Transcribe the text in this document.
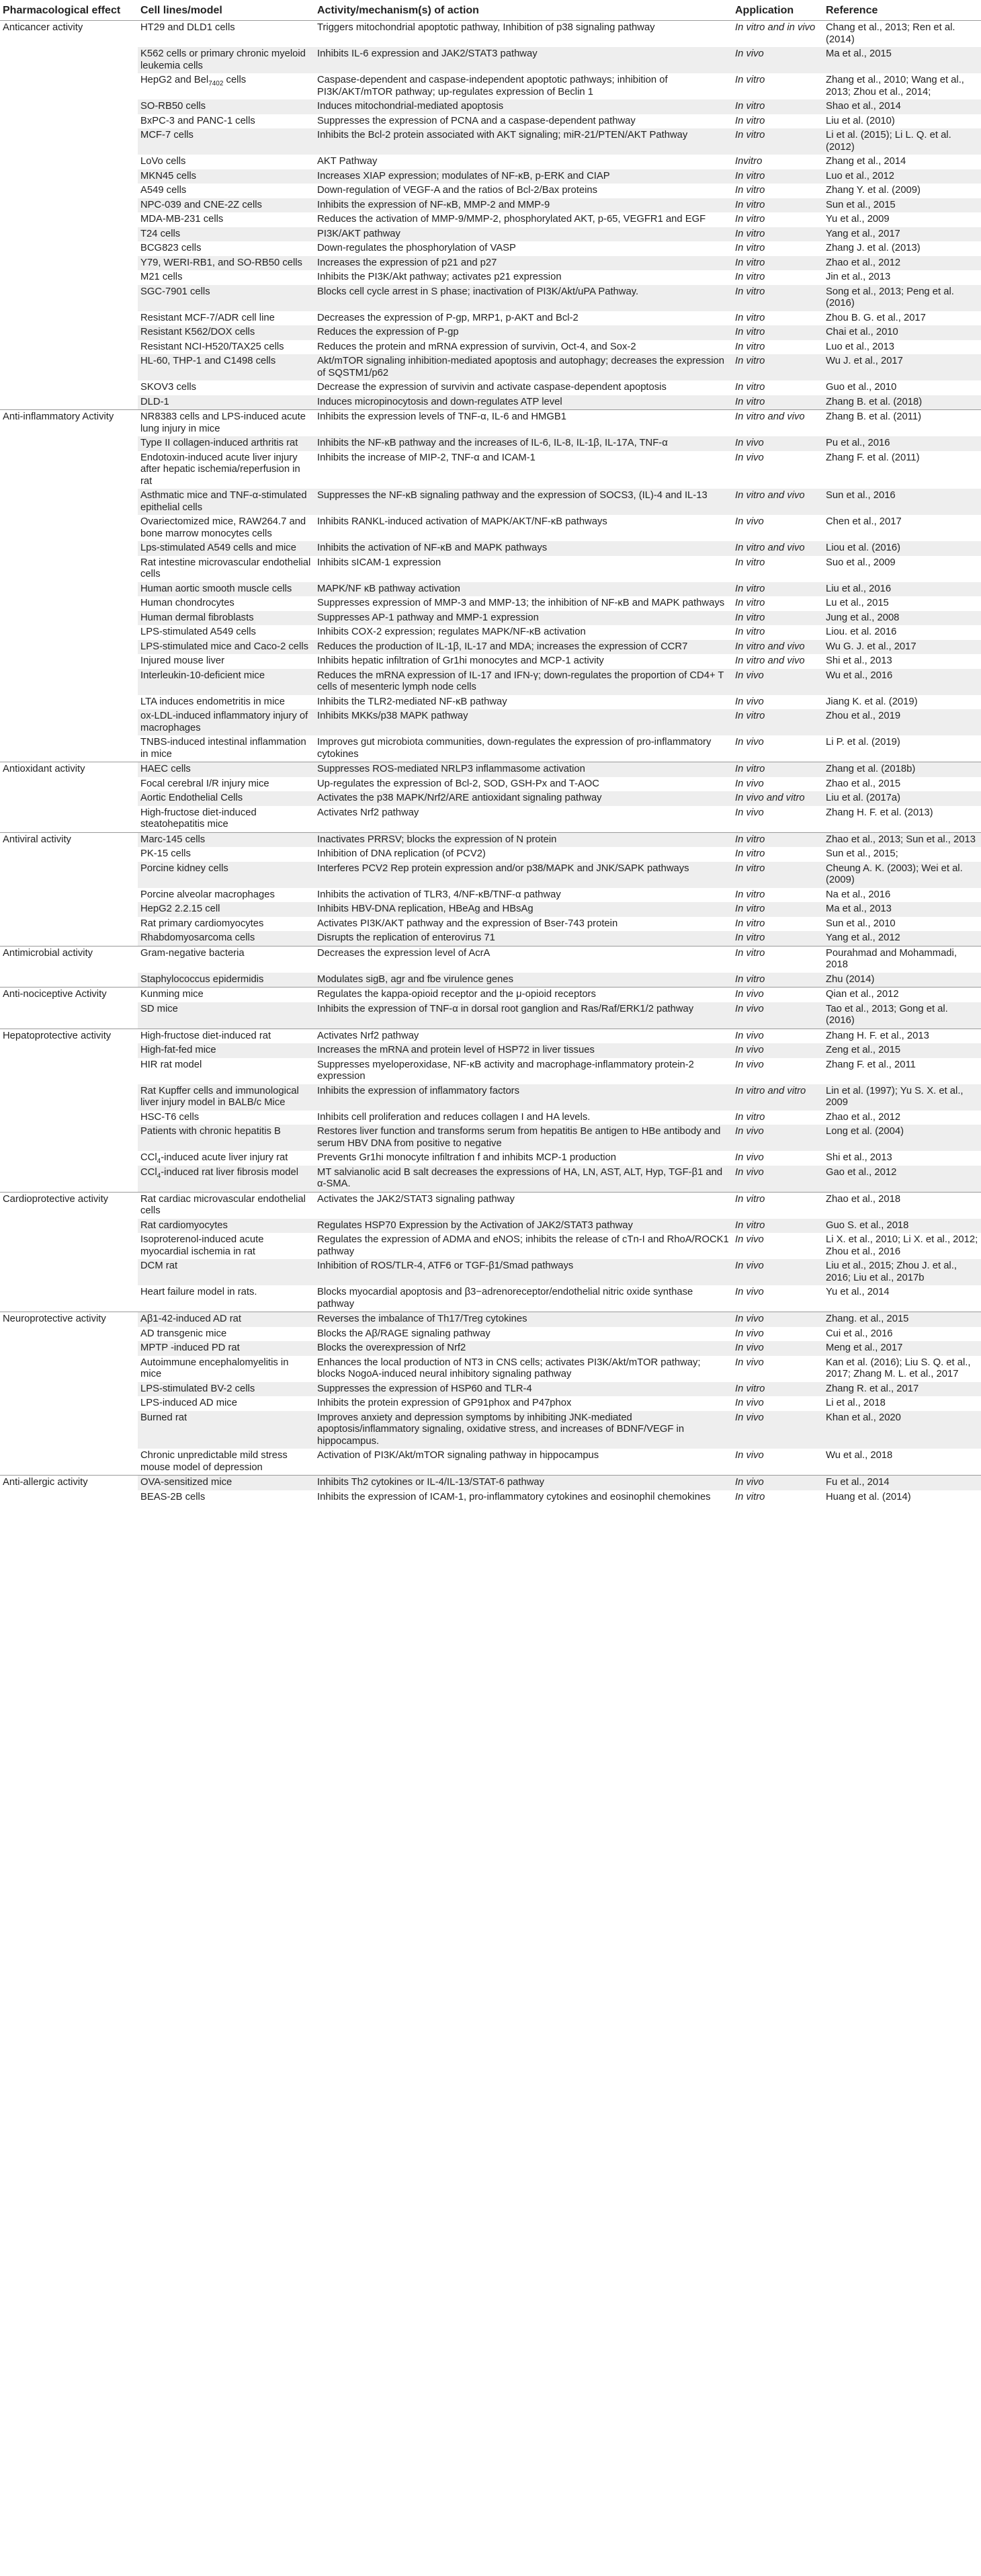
Pharmacological effect	Cell lines/model	Activity/mechanism(s) of action	Application	Reference
Anticancer activity	HT29 and DLD1 cells	Triggers mitochondrial apoptotic pathway, Inhibition of p38 signaling pathway	In vitro and in vivo	Chang et al., 2013; Ren et al. (2014)
	K562 cells or primary chronic myeloid leukemia cells	Inhibits IL-6 expression and JAK2/STAT3 pathway	In vivo	Ma et al., 2015
	HepG2 and Bel$_{7402}$ cells	Caspase-dependent and caspase-independent apoptotic pathways; inhibition of PI3K/AKT/mTOR pathway; up-regulates expression of Beclin 1	In vitro	Zhang et al., 2010; Wang et al., 2013; Zhou et al., 2014;
	SO-RB50 cells	Induces mitochondrial-mediated apoptosis	In vitro	Shao et al., 2014
	BxPC-3 and PANC-1 cells	Suppresses the expression of PCNA and a caspase-dependent pathway	In vitro	Liu et al. (2010)
	MCF-7 cells	Inhibits the Bcl-2 protein associated with AKT signaling; miR-21/PTEN/AKT Pathway	In vitro	Li et al. (2015); Li L. Q. et al. (2012)
	LoVo cells	AKT Pathway	Invitro	Zhang et al., 2014
	MKN45 cells	Increases XIAP expression; modulates of NF-κB, p-ERK and CIAP	In vitro	Luo et al., 2012
	A549 cells	Down-regulation of VEGF-A and the ratios of Bcl-2/Bax proteins	In vitro	Zhang Y. et al. (2009)
	NPC-039 and CNE-2Z cells	Inhibits the expression of NF-κB, MMP-2 and MMP-9	In vitro	Sun et al., 2015
	MDA-MB-231 cells	Reduces the activation of MMP-9/MMP-2, phosphorylated AKT, p-65, VEGFR1 and EGF	In vitro	Yu et al., 2009
	T24 cells	PI3K/AKT pathway	In vitro	Yang et al., 2017
	BCG823 cells	Down-regulates the phosphorylation of VASP	In vitro	Zhang J. et al. (2013)
	Y79, WERI-RB1, and SO-RB50 cells	Increases the expression of p21 and p27	In vitro	Zhao et al., 2012
	M21 cells	Inhibits the PI3K/Akt pathway; activates p21 expression	In vitro	Jin et al., 2013
	SGC-7901 cells	Blocks cell cycle arrest in S phase; inactivation of PI3K/Akt/uPA Pathway.	In vitro	Song et al., 2013; Peng et al. (2016)
	Resistant MCF-7/ADR cell line	Decreases the expression of P-gp, MRP1, p-AKT and Bcl-2	In vitro	Zhou B. G. et al., 2017
	Resistant K562/DOX cells	Reduces the expression of P-gp	In vitro	Chai et al., 2010
	Resistant NCI-H520/TAX25 cells	Reduces the protein and mRNA expression of survivin, Oct-4, and Sox-2	In vitro	Luo et al., 2013
	HL-60, THP-1 and C1498 cells	Akt/mTOR signaling inhibition-mediated apoptosis and autophagy; decreases the expression of SQSTM1/p62	In vitro	Wu J. et al., 2017
	SKOV3 cells	Decrease the expression of survivin and activate caspase-dependent apoptosis	In vitro	Guo et al., 2010
	DLD-1	Induces micropinocytosis and down-regulates ATP level	In vitro	Zhang B. et al. (2018)
Anti-inflammatory Activity	NR8383 cells and LPS-induced acute lung injury in mice	Inhibits the expression levels of TNF-α, IL-6 and HMGB1	In vitro and vivo	Zhang B. et al. (2011)
	Type II collagen-induced arthritis rat	Inhibits the NF-κB pathway and the increases of IL-6, IL-8, IL-1β, IL-17A, TNF-α	In vivo	Pu et al., 2016
	Endotoxin-induced acute liver injury after hepatic ischemia/reperfusion in rat	Inhibits the increase of MIP-2, TNF-α and ICAM-1	In vivo	Zhang F. et al. (2011)
	Asthmatic mice and TNF-α-stimulated epithelial cells	Suppresses the NF-κB signaling pathway and the expression of SOCS3, (IL)-4 and IL-13	In vitro and vivo	Sun et al., 2016
	Ovariectomized mice, RAW264.7 and bone marrow monocytes cells	Inhibits RANKL-induced activation of MAPK/AKT/NF-κB pathways	In vivo	Chen et al., 2017
	Lps-stimulated A549 cells and mice	Inhibits the activation of NF-κB and MAPK pathways	In vitro and vivo	Liou et al. (2016)
	Rat intestine microvascular endothelial cells	Inhibits sICAM-1 expression	In vitro	Suo et al., 2009
	Human aortic smooth muscle cells	MAPK/NF κB pathway activation	In vitro	Liu et al., 2016
	Human chondrocytes	Suppresses expression of MMP-3 and MMP-13; the inhibition of NF-κB and MAPK pathways	In vitro	Lu et al., 2015
	Human dermal fibroblasts	Suppresses AP-1 pathway and MMP-1 expression	In vitro	Jung et al., 2008
	LPS-stimulated A549 cells	Inhibits COX-2 expression; regulates MAPK/NF-κB activation	In vitro	Liou. et al. 2016
	LPS-stimulated mice and Caco-2 cells	Reduces the production of IL-1β, IL-17 and MDA; increases the expression of CCR7	In vitro and vivo	Wu G. J. et al., 2017
	Injured mouse liver	Inhibits hepatic infiltration of Gr1hi monocytes and MCP-1 activity	In vitro and vivo	Shi et al., 2013
	Interleukin-10-deficient mice	Reduces the mRNA expression of IL-17 and IFN-γ; down-regulates the proportion of CD4+ T cells of mesenteric lymph node cells	In vivo	Wu et al., 2016
	LTA induces endometritis in mice	Inhibits the TLR2-mediated NF-κB pathway	In vivo	Jiang K. et al. (2019)
	ox-LDL-induced inflammatory injury of macrophages	Inhibits MKKs/p38 MAPK pathway	In vitro	Zhou et al., 2019
	TNBS-induced intestinal inflammation in mice	Improves gut microbiota communities, down-regulates the expression of pro-inflammatory cytokines	In vivo	Li P. et al. (2019)
Antioxidant activity	HAEC cells	Suppresses ROS-mediated NRLP3 inflammasome activation	In vitro	Zhang et al. (2018b)
	Focal cerebral I/R injury mice	Up-regulates the expression of Bcl-2, SOD, GSH-Px and T-AOC	In vivo	Zhao et al., 2015
	Aortic Endothelial Cells	Activates the p38 MAPK/Nrf2/ARE antioxidant signaling pathway	In vivo and vitro	Liu et al. (2017a)
	High-fructose diet-induced steatohepatitis mice	Activates Nrf2 pathway	In vivo	Zhang H. F. et al. (2013)
Antiviral activity	Marc-145 cells	Inactivates PRRSV; blocks the expression of N protein	In vitro	Zhao et al., 2013; Sun et al., 2013
	PK-15 cells	Inhibition of DNA replication (of PCV2)	In vitro	Sun et al., 2015;
	Porcine kidney cells	Interferes PCV2 Rep protein expression and/or p38/MAPK and JNK/SAPK pathways	In vitro	Cheung A. K. (2003); Wei et al. (2009)
	Porcine alveolar macrophages	Inhibits the activation of TLR3, 4/NF-κB/TNF-α pathway	In vitro	Na et al., 2016
	HepG2 2.2.15 cell	Inhibits HBV-DNA replication, HBeAg and HBsAg	In vitro	Ma et al., 2013
	Rat primary cardiomyocytes	Activates PI3K/AKT pathway and the expression of Bser-743 protein	In vitro	Sun et al., 2010
	Rhabdomyosarcoma cells	Disrupts the replication of enterovirus 71	In vitro	Yang et al., 2012
Antimicrobial activity	Gram-negative bacteria	Decreases the expression level of AcrA	In vitro	Pourahmad and Mohammadi, 2018
	Staphylococcus epidermidis	Modulates sigB, agr and fbe virulence genes	In vitro	Zhu (2014)
Anti-nociceptive Activity	Kunming mice	Regulates the kappa-opioid receptor and the μ-opioid receptors	In vivo	Qian et al., 2012
	SD mice	Inhibits the expression of TNF-α in dorsal root ganglion and Ras/Raf/ERK1/2 pathway	In vivo	Tao et al., 2013; Gong et al. (2016)
Hepatoprotective activity	High-fructose diet-induced rat	Activates Nrf2 pathway	In vivo	Zhang H. F. et al., 2013
	High-fat-fed mice	Increases the mRNA and protein level of HSP72 in liver tissues	In vivo	Zeng et al., 2015
	HIR rat model	Suppresses myeloperoxidase, NF-κB activity and macrophage-inflammatory protein-2 expression	In vivo	Zhang F. et al., 2011
	Rat Kupffer cells and immunological liver injury model in BALB/c Mice	Inhibits the expression of inflammatory factors	In vitro and vitro	Lin et al. (1997); Yu S. X. et al., 2009
	HSC-T6 cells	Inhibits cell proliferation and reduces collagen I and HA levels.	In vitro	Zhao et al., 2012
	Patients with chronic hepatitis B	Restores liver function and transforms serum from hepatitis Be antigen to HBe antibody and serum HBV DNA from positive to negative	In vivo	Long et al. (2004)
	CCl$_4$-induced acute liver injury rat	Prevents Gr1hi monocyte infiltration f and inhibits MCP-1 production	In vivo	Shi et al., 2013
	CCl$_4$-induced rat liver fibrosis model	MT salvianolic acid B salt decreases the expressions of HA, LN, AST, ALT, Hyp, TGF-β1 and α-SMA.	In vivo	Gao et al., 2012
Cardioprotective activity	Rat cardiac microvascular endothelial cells	Activates the JAK2/STAT3 signaling pathway	In vitro	Zhao et al., 2018
	Rat cardiomyocytes	Regulates HSP70 Expression by the Activation of JAK2/STAT3 pathway	In vitro	Guo S. et al., 2018
	Isoproterenol-induced acute myocardial ischemia in rat	Regulates the expression of ADMA and eNOS; inhibits the release of cTn-I and RhoA/ROCK1 pathway	In vivo	Li X. et al., 2010; Li X. et al., 2012; Zhou et al., 2016
	DCM rat	Inhibition of ROS/TLR-4, ATF6 or TGF-β1/Smad pathways	In vivo	Liu et al., 2015; Zhou J. et al., 2016; Liu et al., 2017b
	Heart failure model in rats.	Blocks myocardial apoptosis and β3−adrenoreceptor/endothelial nitric oxide synthase pathway	In vivo	Yu et al., 2014
Neuroprotective activity	Aβ1-42-induced AD rat	Reverses the imbalance of Th17/Treg cytokines	In vivo	Zhang. et al., 2015
	AD transgenic mice	Blocks the Aβ/RAGE signaling pathway	In vivo	Cui et al., 2016
	MPTP -induced PD rat	Blocks the overexpression of Nrf2	In vivo	Meng et al., 2017
	Autoimmune encephalomyelitis in mice	Enhances the local production of NT3 in CNS cells; activates PI3K/Akt/mTOR pathway; blocks NogoA-induced neural inhibitory signaling pathway	In vivo	Kan et al. (2016); Liu S. Q. et al., 2017; Zhang M. L. et al., 2017
	LPS-stimulated BV-2 cells	Suppresses the expression of HSP60 and TLR-4	In vitro	Zhang R. et al., 2017
	LPS-induced AD mice	Inhibits the protein expression of GP91phox and P47phox	In vivo	Li et al., 2018
	Burned rat	Improves anxiety and depression symptoms by inhibiting JNK-mediated apoptosis/inflammatory signaling, oxidative stress, and increases of BDNF/VEGF in hippocampus.	In vivo	Khan et al., 2020
	Chronic unpredictable mild stress mouse model of depression	Activation of PI3K/Akt/mTOR signaling pathway in hippocampus	In vivo	Wu et al., 2018
Anti-allergic activity	OVA-sensitized mice	Inhibits Th2 cytokines or IL-4/IL-13/STAT-6 pathway	In vivo	Fu et al., 2014
	BEAS-2B cells	Inhibits the expression of ICAM-1, pro-inflammatory cytokines and eosinophil chemokines	In vitro	Huang et al. (2014)
